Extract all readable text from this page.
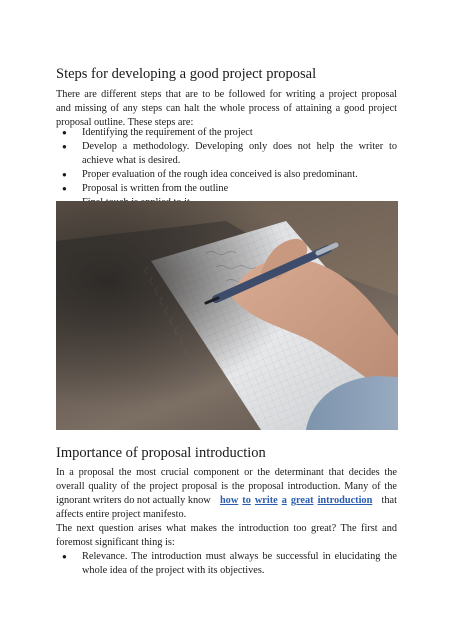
Steps for developing a good project proposal

There are different steps that are to be followed for writing a project proposal
and missing of any steps can halt the whole process of attaining a good project
proposal outline. These steps are:

● Identifying the requirement of the project
● Develop a methodology. Developing only does not help the writer to achieve what is desired.
● Proper evaluation of the rough idea conceived is also predominant.
● Proposal is written from the outline
●
Importance of proposal introduction

In a proposal the most crucial component or the determinant that decides the
overall quality of the project proposal is the proposal introduction. Many of the
ignorant writers do not actually know how to write a great introduction that
affects entire project manifesto.

The next question arises what makes the introduction too great? The first and
foremost significant thing is:

● Relevance. The introduction must always be successful in elucidating the whole idea of the project with its objectives.
